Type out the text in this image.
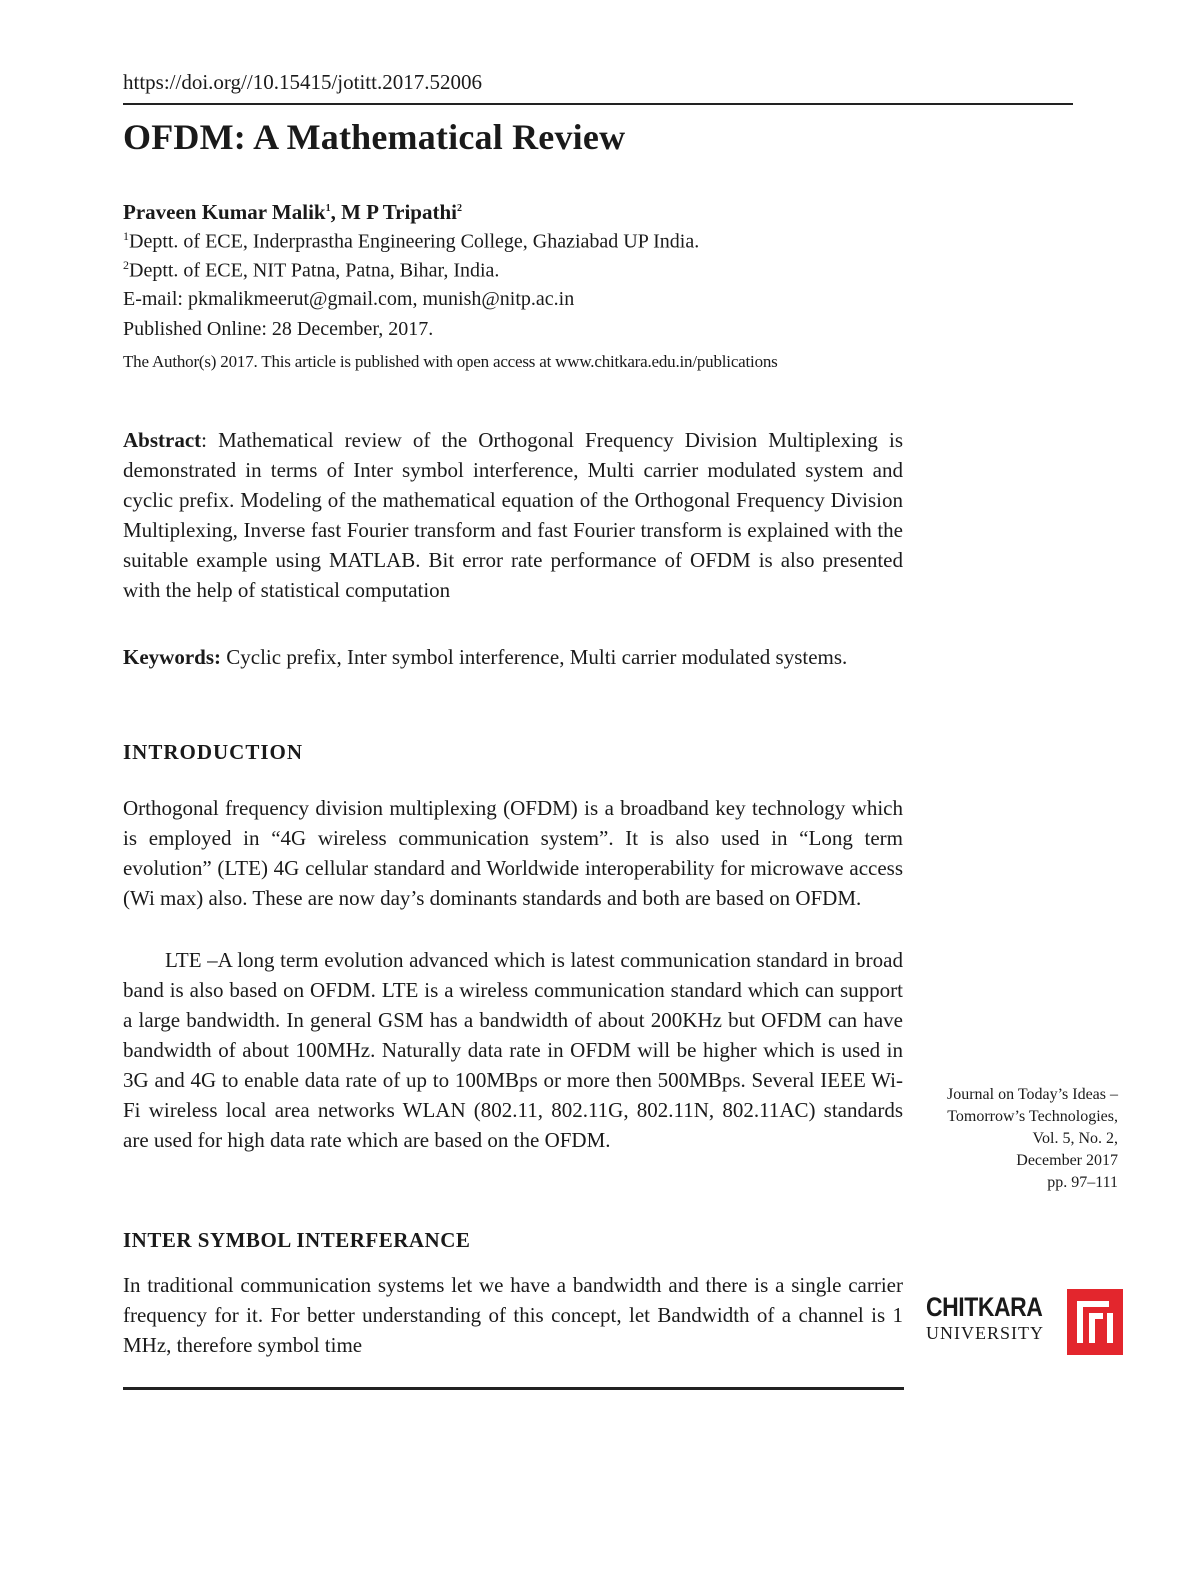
https://doi.org//10.15415/jotitt.2017.52006
OFDM: A Mathematical Review
Praveen Kumar Malik$^1$, M P Tripathi$^2$
$^1$Deptt. of ECE, Inderprastha Engineering College, Ghaziabad UP India.
$^2$Deptt. of ECE, NIT Patna, Patna, Bihar, India.
E-mail: pkmalikmeerut@gmail.com, munish@nitp.ac.in
Published Online: 28 December, 2017.
The Author(s) 2017. This article is published with open access at www.chitkara.edu.in/publications
Abstract: Mathematical review of the Orthogonal Frequency Division Multiplexing is demonstrated in terms of Inter symbol interference, Multi carrier modulated system and cyclic prefix. Modeling of the mathematical equation of the Orthogonal Frequency Division Multiplexing, Inverse fast Fourier transform and fast Fourier transform is explained with the suitable example using MATLAB. Bit error rate performance of OFDM is also presented with the help of statistical computation
Keywords: Cyclic prefix, Inter symbol interference, Multi carrier modulated systems.
INTRODUCTION
Orthogonal frequency division multiplexing (OFDM) is a broadband key technology which is employed in “4G wireless communication system”. It is also used in “Long term evolution” (LTE) 4G cellular standard and Worldwide interoperability for microwave access (Wi max) also. These are now day’s dominants standards and both are based on OFDM.
LTE –A long term evolution advanced which is latest communication standard in broad band is also based on OFDM. LTE is a wireless communication standard which can support a large bandwidth. In general GSM has a bandwidth of about 200KHz but OFDM can have bandwidth of about 100MHz. Naturally data rate in OFDM will be higher which is used in 3G and 4G to enable data rate of up to 100MBps or more then 500MBps. Several IEEE Wi-Fi wireless local area networks WLAN (802.11, 802.11G, 802.11N, 802.11AC) standards are used for high data rate which are based on the OFDM.
INTER SYMBOL INTERFERANCE
In traditional communication systems let we have a bandwidth and there is a single carrier frequency for it. For better understanding of this concept, let Bandwidth of a channel is 1 MHz, therefore symbol time
Journal on Today’s Ideas –
Tomorrow’s Technologies,
Vol. 5, No. 2,
December 2017
pp. 97–111
CHITKARA
UNIVERSITY
